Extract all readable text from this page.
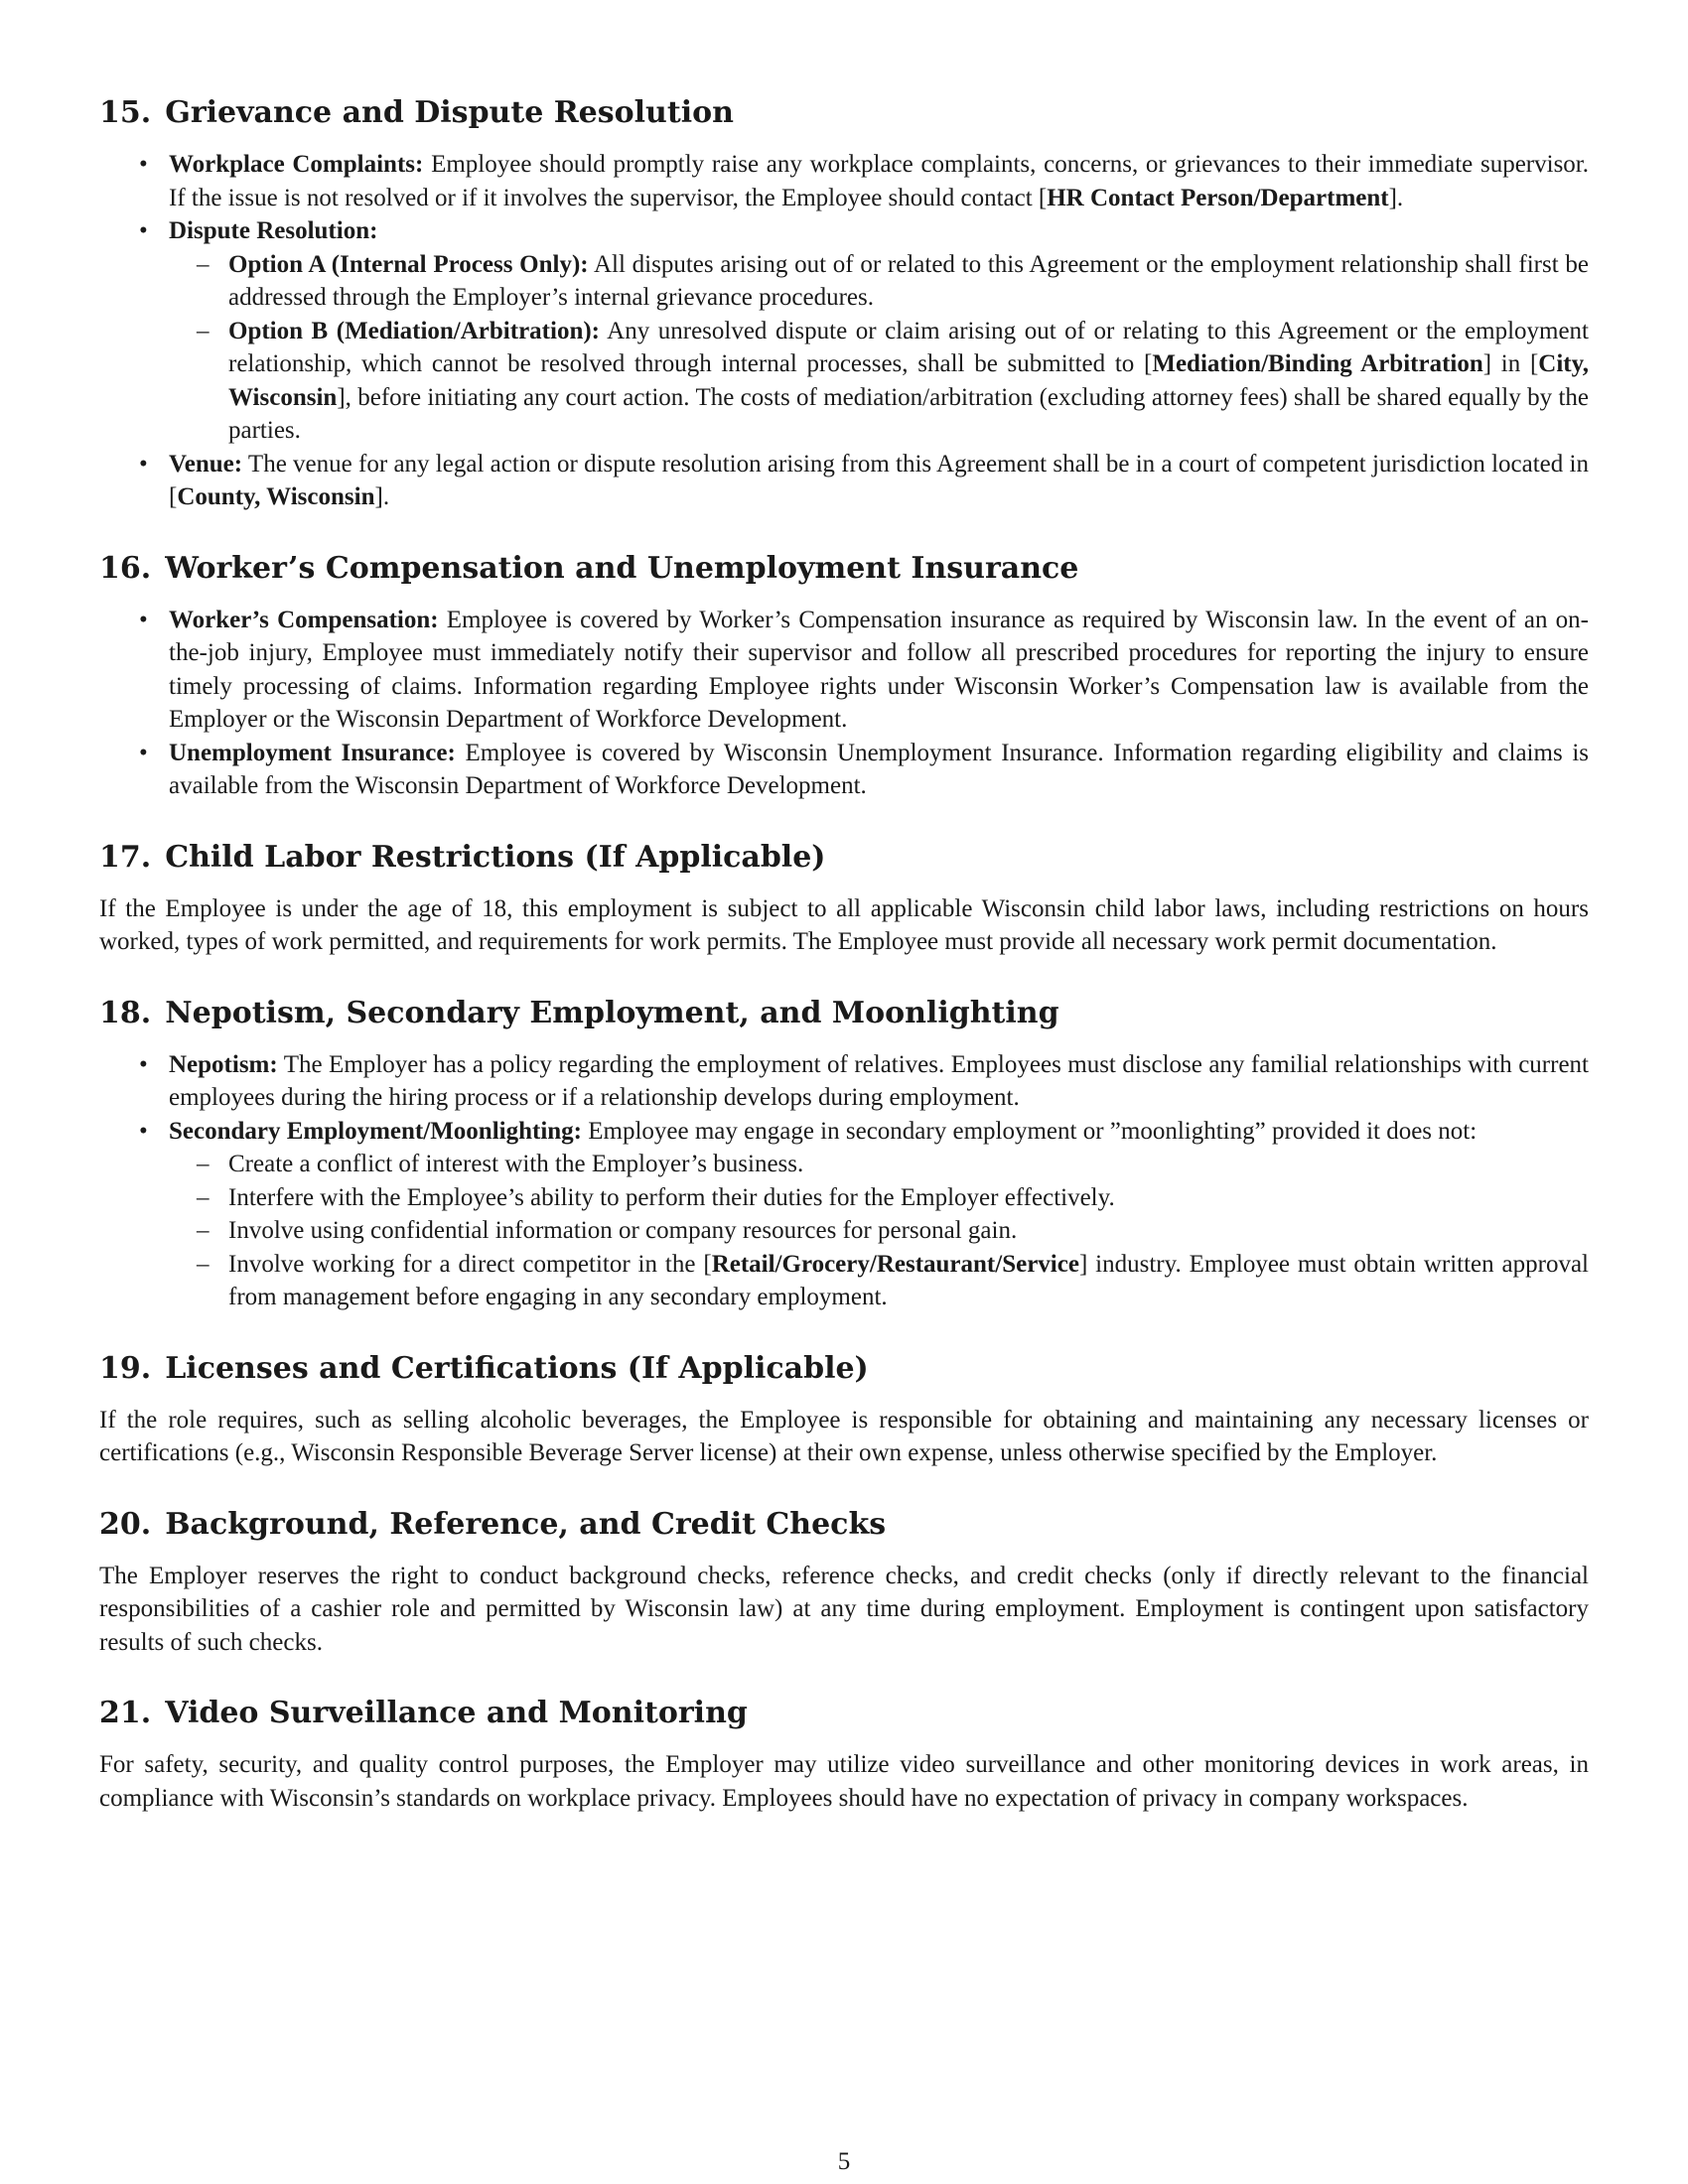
15. Grievance and Dispute Resolution
• Workplace Complaints: Employee should promptly raise any workplace complaints, concerns, or grievances to their immediate supervisor. If the issue is not resolved or if it involves the supervisor, the Employee should contact [HR Contact Person/Department].
• Dispute Resolution:
– Option A (Internal Process Only): All disputes arising out of or related to this Agreement or the employment relationship shall first be addressed through the Employer’s internal grievance procedures.
– Option B (Mediation/Arbitration): Any unresolved dispute or claim arising out of or relating to this Agreement or the employment relationship, which cannot be resolved through internal processes, shall be submitted to [Mediation/Binding Arbitration] in [City, Wisconsin], before initiating any court action. The costs of mediation/arbitration (excluding attorney fees) shall be shared equally by the parties.
• Venue: The venue for any legal action or dispute resolution arising from this Agreement shall be in a court of competent jurisdiction located in [County, Wisconsin].
16. Worker’s Compensation and Unemployment Insurance
• Worker’s Compensation: Employee is covered by Worker’s Compensation insurance as required by Wisconsin law. In the event of an on-the-job injury, Employee must immediately notify their supervisor and follow all prescribed procedures for reporting the injury to ensure timely processing of claims. Information regarding Employee rights under Wisconsin Worker’s Compensation law is available from the Employer or the Wisconsin Department of Workforce Development.
• Unemployment Insurance: Employee is covered by Wisconsin Unemployment Insurance. Information regarding eligibility and claims is available from the Wisconsin Department of Workforce Development.
17. Child Labor Restrictions (If Applicable)

If the Employee is under the age of 18, this employment is subject to all applicable Wisconsin child labor laws, including restrictions on hours worked, types of work permitted, and requirements for work permits. The Employee must provide all necessary work permit documentation.

18. Nepotism, Secondary Employment, and Moonlighting
• Nepotism: The Employer has a policy regarding the employment of relatives. Employees must disclose any familial relationships with current employees during the hiring process or if a relationship develops during employment.
• Secondary Employment/Moonlighting: Employee may engage in secondary employment or ”moonlighting” provided it does not:
– Create a conflict of interest with the Employer’s business.
– Interfere with the Employee’s ability to perform their duties for the Employer effectively.
– Involve using confidential information or company resources for personal gain.
– Involve working for a direct competitor in the [Retail/Grocery/Restaurant/Service] industry. Employee must obtain written approval from management before engaging in any secondary employment.
19. Licenses and Certifications (If Applicable)

If the role requires, such as selling alcoholic beverages, the Employee is responsible for obtaining and maintaining any necessary licenses or certifications (e.g., Wisconsin Responsible Beverage Server license) at their own expense, unless otherwise specified by the Employer.

20. Background, Reference, and Credit Checks

The Employer reserves the right to conduct background checks, reference checks, and credit checks (only if directly relevant to the financial responsibilities of a cashier role and permitted by Wisconsin law) at any time during employment. Employment is contingent upon satisfactory results of such checks.

21. Video Surveillance and Monitoring

For safety, security, and quality control purposes, the Employer may utilize video surveillance and other monitoring devices in work areas, in compliance with Wisconsin’s standards on workplace privacy. Employees should have no expectation of privacy in company workspaces.

5
